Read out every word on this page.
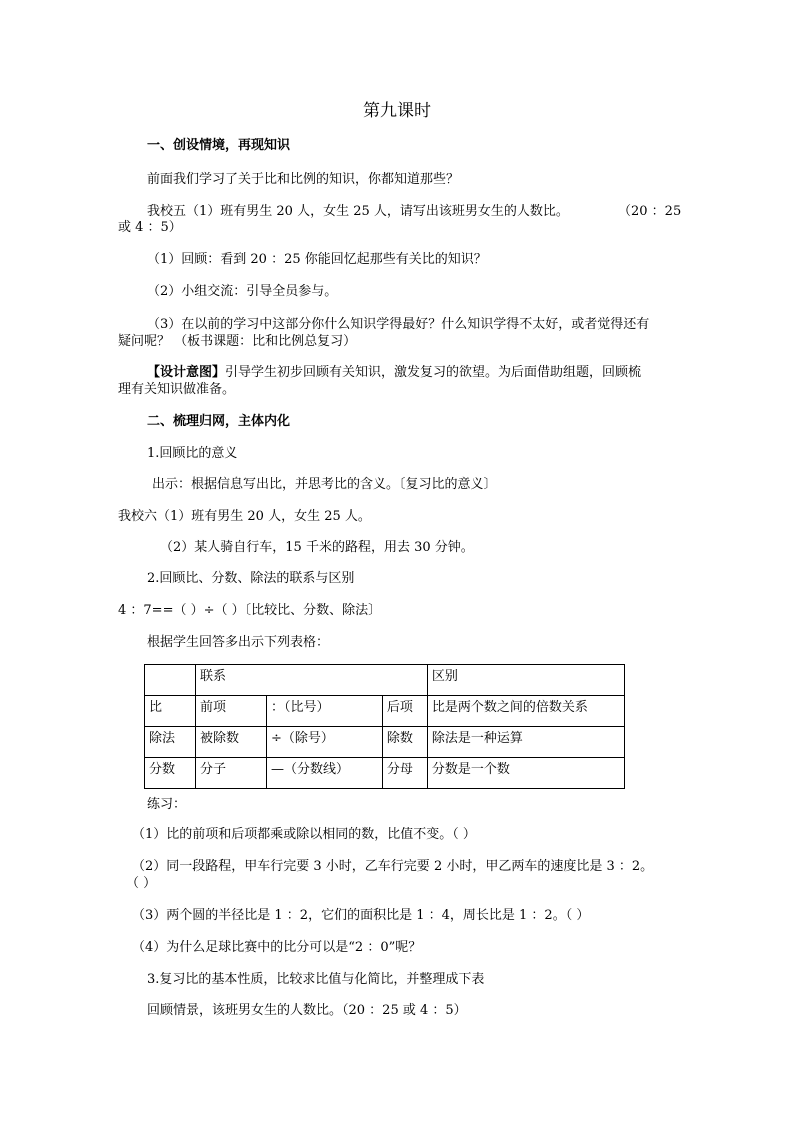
第九课时
一、创设情境，再现知识
前面我们学习了关于比和比例的知识，你都知道那些？
我校五（1）班有男生 20 人，女生 25 人，请写出该班男女生的人数比。	（20 ：25
或 4 ：5）
（1）回顾：看到 20 ：25 你能回忆起那些有关比的知识？
（2）小组交流：引导全员参与。
（3）在以前的学习中这部分你什么知识学得最好？什么知识学得不太好，或者觉得还有
疑问呢？ （板书课题：比和比例总复习）
【设计意图】引导学生初步回顾有关知识，激发复习的欲望。为后面借助组题，回顾梳
理有关知识做准备。
二、梳理归网，主体内化
1.回顾比的意义
出示：根据信息写出比，并思考比的含义。〔复习比的意义〕
我校六（1）班有男生 20 人，女生 25 人。
（2）某人骑自行车，15 千米的路程，用去 30 分钟。
2.回顾比、分数、除法的联系与区别
4 ：7==（ ）÷（ ）〔比较比、分数、除法〕
根据学生回答多出示下列表格：
	联系			区别
比	前项	：（比号）	后项	比是两个数之间的倍数关系
除法	被除数	÷（除号）	除数	除法是一种运算
分数	分子	—（分数线）	分母	分数是一个数
练习：
（1）比的前项和后项都乘或除以相同的数，比值不变。（ ）
（2）同一段路程，甲车行完要 3 小时，乙车行完要 2 小时，甲乙两车的速度比是 3 ：2。
（ ）
（3）两个圆的半径比是 1 ：2，它们的面积比是 1 ：4，周长比是 1 ：2。（ ）
（4）为什么足球比赛中的比分可以是“2 ：0”呢？
3.复习比的基本性质，比较求比值与化简比，并整理成下表
回顾情景，该班男女生的人数比。（20 ：25 或 4 ：5）
